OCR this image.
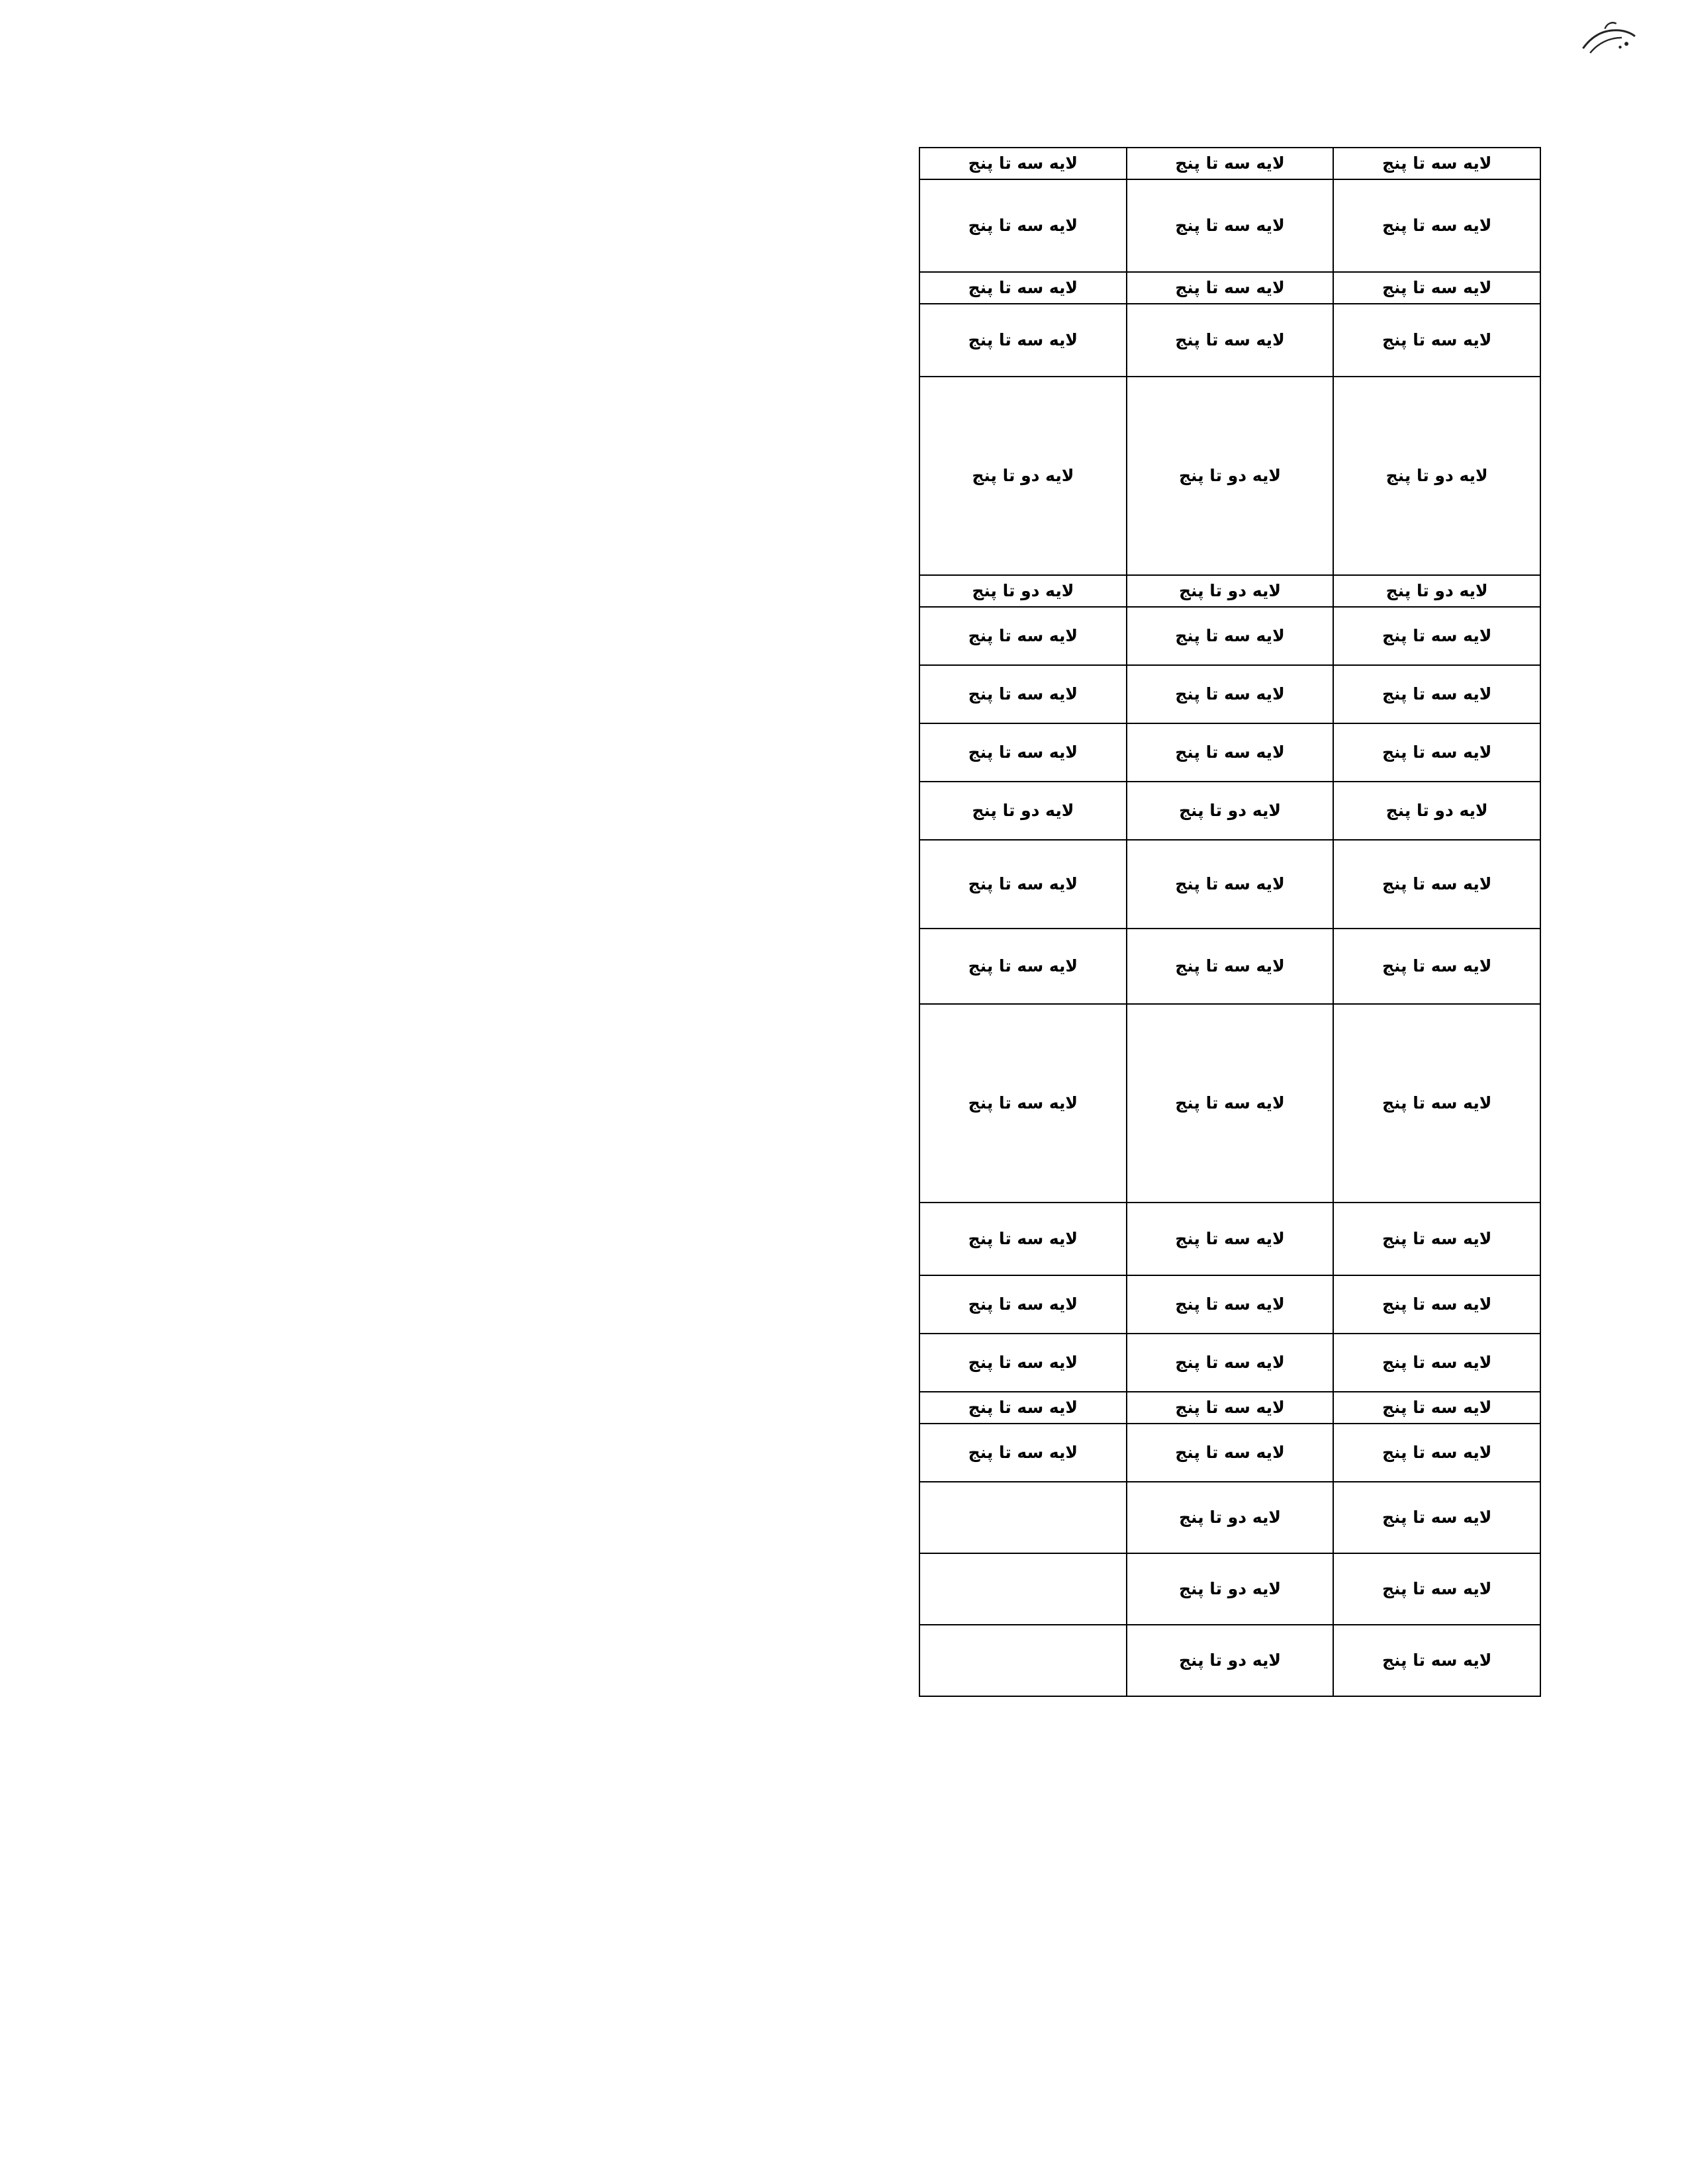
لایه سه تا پنج	لایه سه تا پنج	لایه سه تا پنج
لایه سه تا پنج	لایه سه تا پنج	لایه سه تا پنج
لایه سه تا پنج	لایه سه تا پنج	لایه سه تا پنج
لایه سه تا پنج	لایه سه تا پنج	لایه سه تا پنج
لایه دو تا پنج	لایه دو تا پنج	لایه دو تا پنج
لایه دو تا پنج	لایه دو تا پنج	لایه دو تا پنج
لایه سه تا پنج	لایه سه تا پنج	لایه سه تا پنج
لایه سه تا پنج	لایه سه تا پنج	لایه سه تا پنج
لایه سه تا پنج	لایه سه تا پنج	لایه سه تا پنج
لایه دو تا پنج	لایه دو تا پنج	لایه دو تا پنج
لایه سه تا پنج	لایه سه تا پنج	لایه سه تا پنج
لایه سه تا پنج	لایه سه تا پنج	لایه سه تا پنج
لایه سه تا پنج	لایه سه تا پنج	لایه سه تا پنج
لایه سه تا پنج	لایه سه تا پنج	لایه سه تا پنج
لایه سه تا پنج	لایه سه تا پنج	لایه سه تا پنج
لایه سه تا پنج	لایه سه تا پنج	لایه سه تا پنج
لایه سه تا پنج	لایه سه تا پنج	لایه سه تا پنج
لایه سه تا پنج	لایه سه تا پنج	لایه سه تا پنج
لایه سه تا پنج	لایه دو تا پنج	
لایه سه تا پنج	لایه دو تا پنج	
لایه سه تا پنج	لایه دو تا پنج	
